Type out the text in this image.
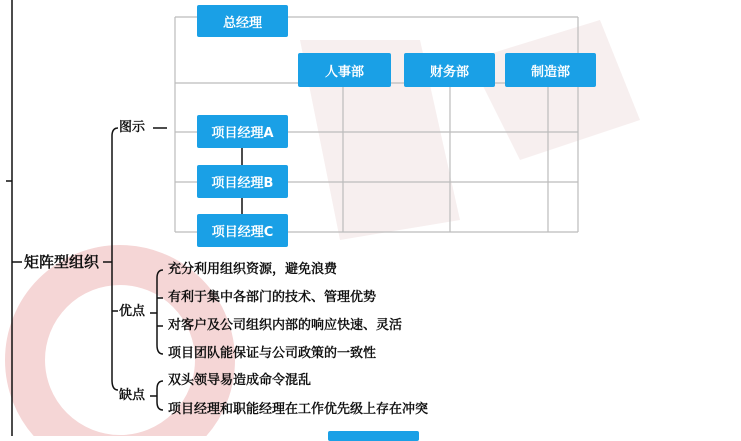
总经理
人事部	财务部	制造部
项目经理A
项目经理B
项目经理C
矩阵型组织
图示
优点
缺点
充分利用组织资源，避免浪费
有利于集中各部门的技术、管理优势
对客户及公司组织内部的响应快速、灵活
项目团队能保证与公司政策的一致性
双头领导易造成命令混乱
项目经理和职能经理在工作优先级上存在冲突
